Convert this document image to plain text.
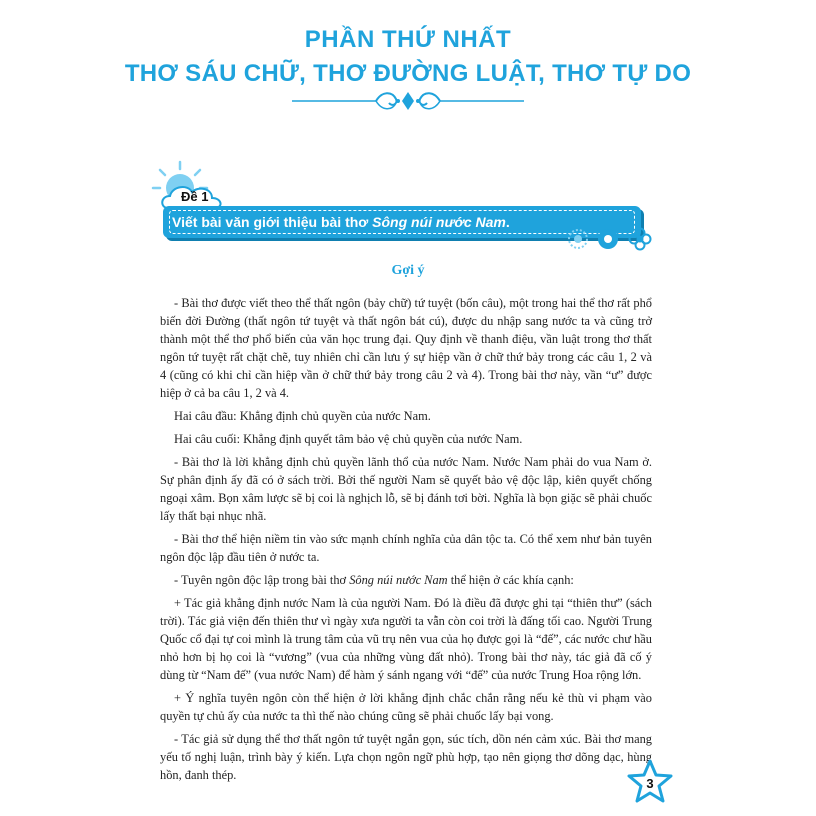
PHẦN THỨ NHẤT
THƠ SÁU CHỮ, THƠ ĐƯỜNG LUẬT, THƠ TỰ DO
Đề 1
Viết bài văn giới thiệu bài thơ Sông núi nước Nam.
Gợi ý

- Bài thơ được viết theo thể thất ngôn (bảy chữ) tứ tuyệt (bốn câu), một trong hai thể thơ rất phổ biến đời Đường (thất ngôn tứ tuyệt và thất ngôn bát cú), được du nhập sang nước ta và cũng trở thành một thể thơ phổ biến của văn học trung đại. Quy định về thanh điệu, vần luật trong thơ thất ngôn tứ tuyệt rất chặt chẽ, tuy nhiên chỉ cần lưu ý sự hiệp vần ở chữ thứ bảy trong các câu 1, 2 và 4 (cũng có khi chỉ cần hiệp vần ở chữ thứ bảy trong câu 2 và 4). Trong bài thơ này, vần “ư” được hiệp ở cả ba câu 1, 2 và 4.

Hai câu đầu: Khẳng định chủ quyền của nước Nam.

Hai câu cuối: Khẳng định quyết tâm bảo vệ chủ quyền của nước Nam.

- Bài thơ là lời khẳng định chủ quyền lãnh thổ của nước Nam. Nước Nam phải do vua Nam ở. Sự phân định ấy đã có ở sách trời. Bởi thế người Nam sẽ quyết bảo vệ độc lập, kiên quyết chống ngoại xâm. Bọn xâm lược sẽ bị coi là nghịch lỗ, sẽ bị đánh tơi bời. Nghĩa là bọn giặc sẽ phải chuốc lấy thất bại nhục nhã.

- Bài thơ thể hiện niềm tin vào sức mạnh chính nghĩa của dân tộc ta. Có thể xem như bản tuyên ngôn độc lập đầu tiên ở nước ta.

- Tuyên ngôn độc lập trong bài thơ Sông núi nước Nam thể hiện ở các khía cạnh:

+ Tác giả khẳng định nước Nam là của người Nam. Đó là điều đã được ghi tại “thiên thư” (sách trời). Tác giả viện đến thiên thư vì ngày xưa người ta vẫn còn coi trời là đấng tối cao. Người Trung Quốc cổ đại tự coi mình là trung tâm của vũ trụ nên vua của họ được gọi là “đế”, các nước chư hầu nhỏ hơn bị họ coi là “vương” (vua của những vùng đất nhỏ). Trong bài thơ này, tác giả đã cố ý dùng từ “Nam đế” (vua nước Nam) để hàm ý sánh ngang với “đế” của nước Trung Hoa rộng lớn.

+ Ý nghĩa tuyên ngôn còn thể hiện ở lời khẳng định chắc chắn rằng nếu kẻ thù vi phạm vào quyền tự chủ ấy của nước ta thì thế nào chúng cũng sẽ phải chuốc lấy bại vong.

- Tác giả sử dụng thể thơ thất ngôn tứ tuyệt ngắn gọn, súc tích, dồn nén cảm xúc. Bài thơ mang yếu tố nghị luận, trình bày ý kiến. Lựa chọn ngôn ngữ phù hợp, tạo nên giọng thơ dõng dạc, hùng hồn, đanh thép.

3
